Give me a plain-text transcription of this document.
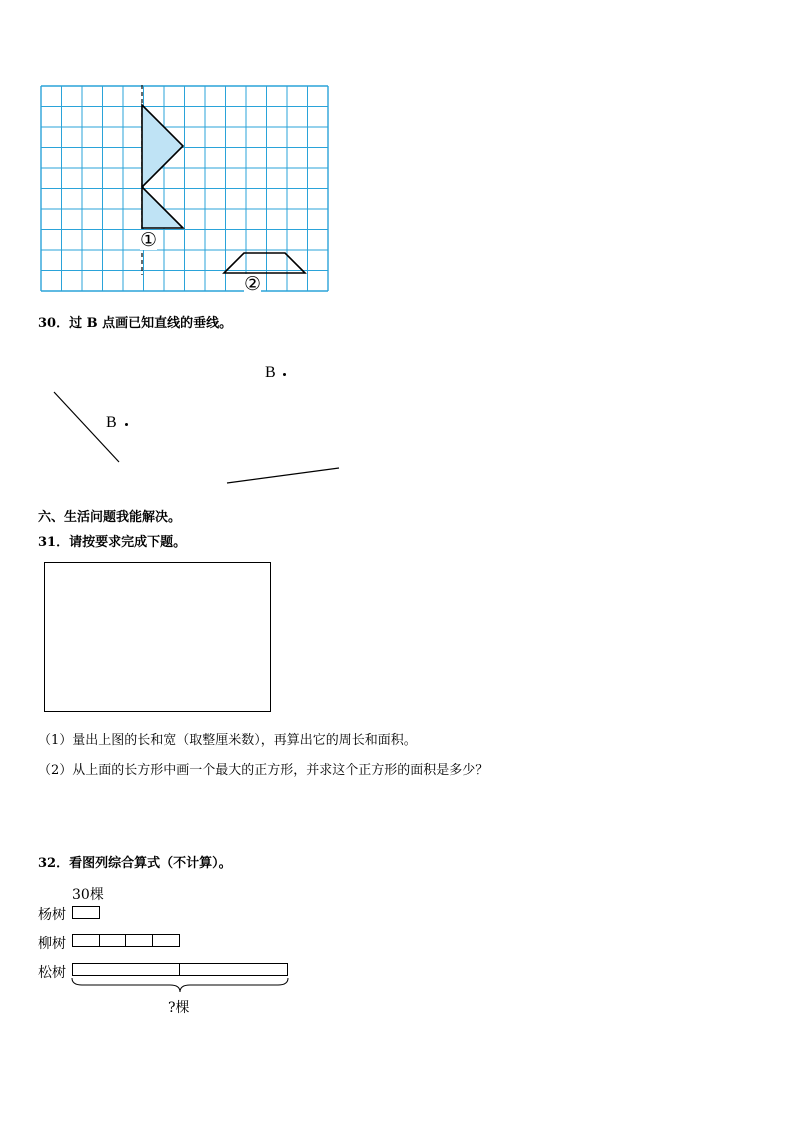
①
②
30．过 B 点画已知直线的垂线。
B
B
六、生活问题我能解决。
31．请按要求完成下题。
（1）量出上图的长和宽（取整厘米数），再算出它的周长和面积。
（2）从上面的长方形中画一个最大的正方形，并求这个正方形的面积是多少？
32．看图列综合算式（不计算）。
30棵
杨树
柳树
松树
?棵
